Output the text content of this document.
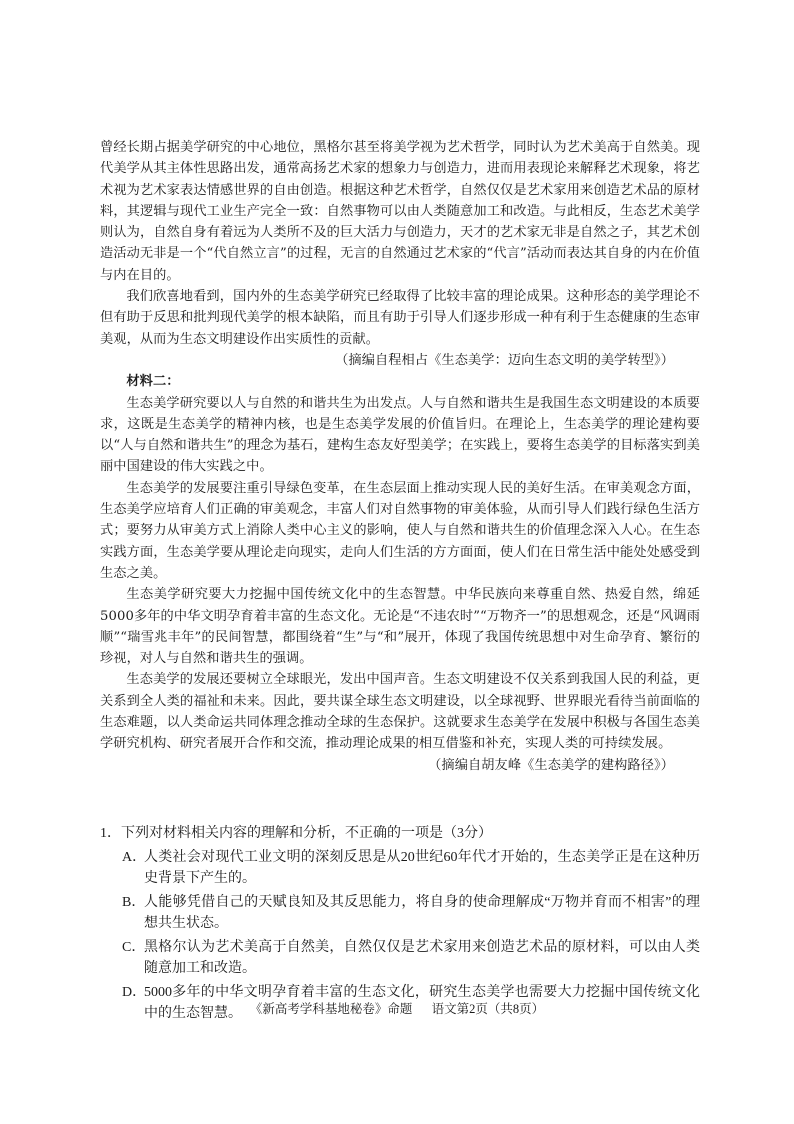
曾经长期占据美学研究的中心地位，黑格尔甚至将美学视为艺术哲学，同时认为艺术美高于自然美。现代美学从其主体性思路出发，通常高扬艺术家的想象力与创造力，进而用表现论来解释艺术现象，将艺术视为艺术家表达情感世界的自由创造。根据这种艺术哲学，自然仅仅是艺术家用来创造艺术品的原材料，其逻辑与现代工业生产完全一致：自然事物可以由人类随意加工和改造。与此相反，生态艺术美学则认为，自然自身有着远为人类所不及的巨大活力与创造力，天才的艺术家无非是自然之子，其艺术创造活动无非是一个“代自然立言”的过程，无言的自然通过艺术家的“代言”活动而表达其自身的内在价值与内在目的。

我们欣喜地看到，国内外的生态美学研究已经取得了比较丰富的理论成果。这种形态的美学理论不但有助于反思和批判现代美学的根本缺陷，而且有助于引导人们逐步形成一种有利于生态健康的生态审美观，从而为生态文明建设作出实质性的贡献。

（摘编自程相占《生态美学：迈向生态文明的美学转型》）

材料二：

生态美学研究要以人与自然的和谐共生为出发点。人与自然和谐共生是我国生态文明建设的本质要求，这既是生态美学的精神内核，也是生态美学发展的价值旨归。在理论上，生态美学的理论建构要以“人与自然和谐共生”的理念为基石，建构生态友好型美学；在实践上，要将生态美学的目标落实到美丽中国建设的伟大实践之中。

生态美学的发展要注重引导绿色变革，在生态层面上推动实现人民的美好生活。在审美观念方面，生态美学应培育人们正确的审美观念，丰富人们对自然事物的审美体验，从而引导人们践行绿色生活方式；要努力从审美方式上消除人类中心主义的影响，使人与自然和谐共生的价值理念深入人心。在生态实践方面，生态美学要从理论走向现实，走向人们生活的方方面面，使人们在日常生活中能处处感受到生态之美。

生态美学研究要大力挖掘中国传统文化中的生态智慧。中华民族向来尊重自然、热爱自然，绵延5000多年的中华文明孕育着丰富的生态文化。无论是“不违农时”“万物齐一”的思想观念，还是“风调雨顺”“瑞雪兆丰年”的民间智慧，都围绕着“生”与“和”展开，体现了我国传统思想中对生命孕育、繁衍的珍视，对人与自然和谐共生的强调。

生态美学的发展还要树立全球眼光，发出中国声音。生态文明建设不仅关系到我国人民的利益，更关系到全人类的福祉和未来。因此，要共谋全球生态文明建设，以全球视野、世界眼光看待当前面临的生态难题，以人类命运共同体理念推动全球的生态保护。这就要求生态美学在发展中积极与各国生态美学研究机构、研究者展开合作和交流，推动理论成果的相互借鉴和补充，实现人类的可持续发展。

（摘编自胡友峰《生态美学的建构路径》）

1．下列对材料相关内容的理解和分析，不正确的一项是（3分）

A．
人类社会对现代工业文明的深刻反思是从20世纪60年代才开始的，生态美学正是在这种历史背景下产生的。
B．
人能够凭借自己的天赋良知及其反思能力，将自身的使命理解成“万物并育而不相害”的理想共生状态。
C．
黑格尔认为艺术美高于自然美，自然仅仅是艺术家用来创造艺术品的原材料，可以由人类随意加工和改造。
D．
5000多年的中华文明孕育着丰富的生态文化，研究生态美学也需要大力挖掘中国传统文化中的生态智慧。 《新高考学科基地秘卷》命题 语文第2页（共8页）
